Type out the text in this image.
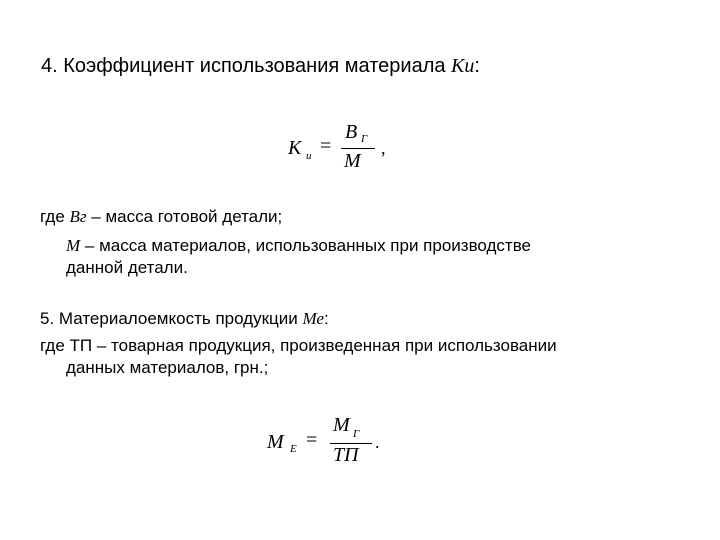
4. Коэффициент использования материала Ки:
К и =
В Г
М
,
где Вг – масса готовой детали;
М – масса материалов, использованных при производстве
данной детали.
5. Материалоемкость продукции Ме:
где ТП – товарная продукция, произведенная при использовании
данных материалов, грн.;
М Е =
М Г
ТП
.
